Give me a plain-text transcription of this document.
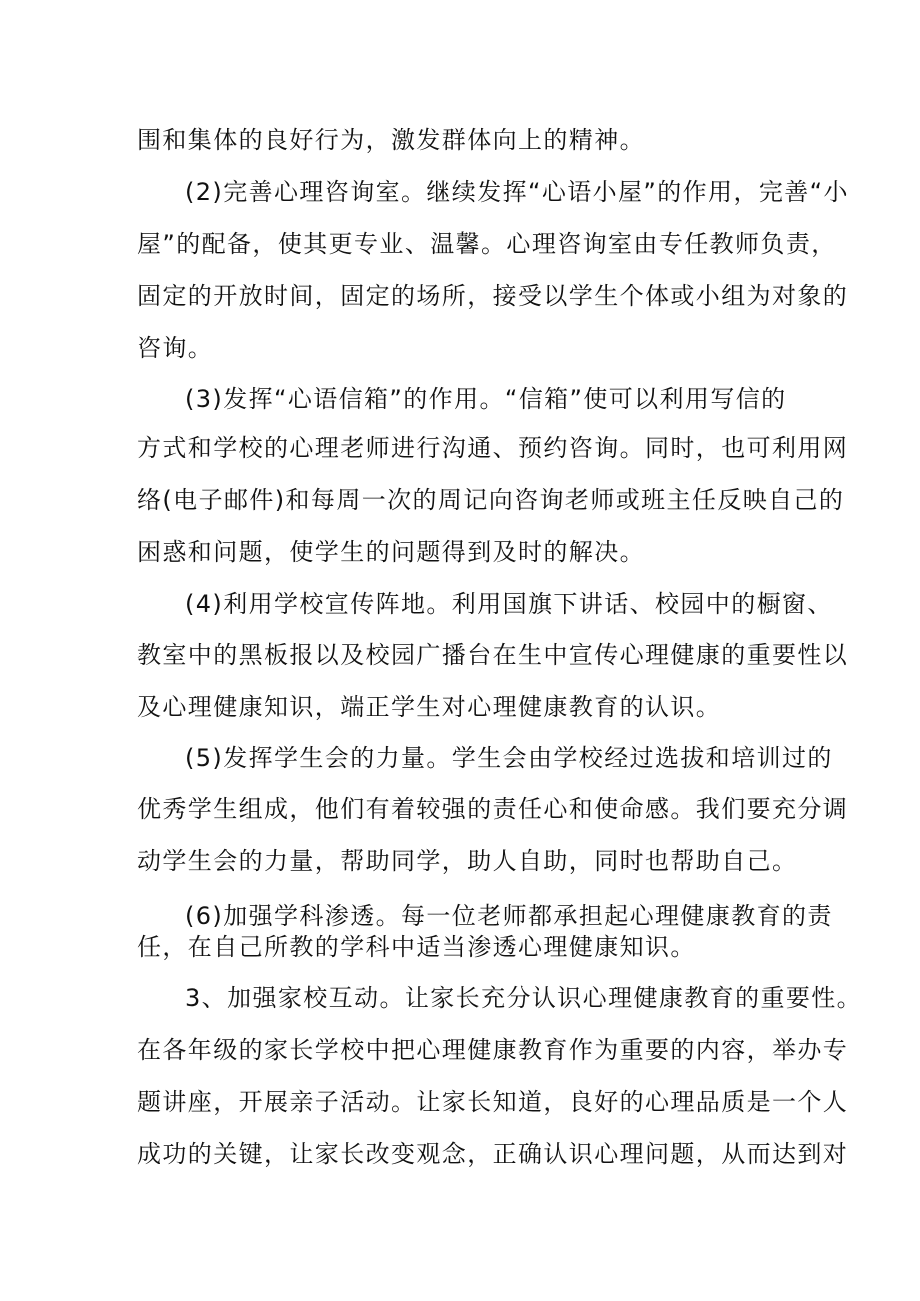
围和集体的良好行为，激发群体向上的精神。
(2)完善心理咨询室。继续发挥“心语小屋”的作用，完善“小
屋”的配备，使其更专业、温馨。心理咨询室由专任教师负责，
固定的开放时间，固定的场所，接受以学生个体或小组为对象的
咨询。
(3)发挥“心语信箱”的作用。“信箱”使可以利用写信的
方式和学校的心理老师进行沟通、预约咨询。同时，也可利用网
络(电子邮件)和每周一次的周记向咨询老师或班主任反映自己的
困惑和问题，使学生的问题得到及时的解决。
(4)利用学校宣传阵地。利用国旗下讲话、校园中的橱窗、
教室中的黑板报以及校园广播台在生中宣传心理健康的重要性以
及心理健康知识，端正学生对心理健康教育的认识。
(5)发挥学生会的力量。学生会由学校经过选拔和培训过的
优秀学生组成，他们有着较强的责任心和使命感。我们要充分调
动学生会的力量，帮助同学，助人自助，同时也帮助自己。
(6)加强学科渗透。每一位老师都承担起心理健康教育的责
任，在自己所教的学科中适当渗透心理健康知识。
3、加强家校互动。让家长充分认识心理健康教育的重要性。
在各年级的家长学校中把心理健康教育作为重要的内容，举办专
题讲座，开展亲子活动。让家长知道，良好的心理品质是一个人
成功的关键，让家长改变观念，正确认识心理问题，从而达到对
